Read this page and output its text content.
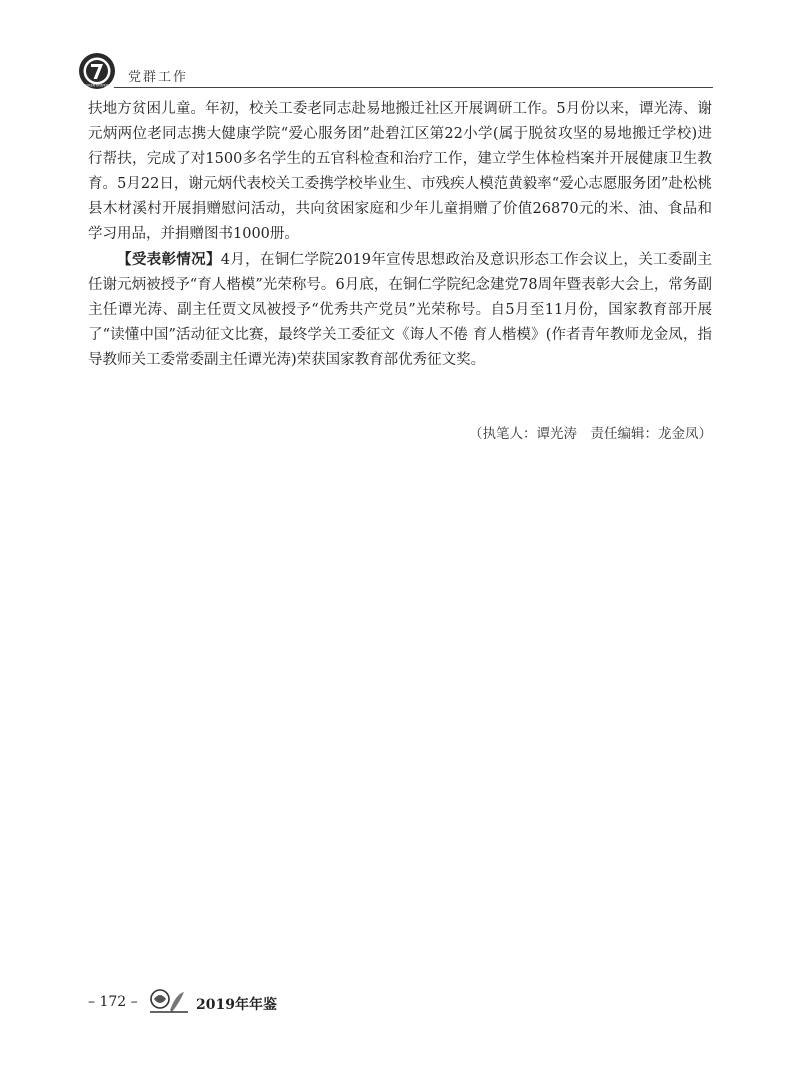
TONGREN UNIVERSITY
党群工作

扶地方贫困儿童。年初，校关工委老同志赴易地搬迁社区开展调研工作。5月份以来，谭光涛、谢元炳两位老同志携大健康学院“爱心服务团”赴碧江区第22小学(属于脱贫攻坚的易地搬迁学校)进行帮扶，完成了对1500多名学生的五官科检查和治疗工作，建立学生体检档案并开展健康卫生教育。5月22日，谢元炳代表校关工委携学校毕业生、市残疾人模范黄毅率“爱心志愿服务团”赴松桃县木材溪村开展捐赠慰问活动，共向贫困家庭和少年儿童捐赠了价值26870元的米、油、食品和学习用品，并捐赠图书1000册。

【受表彰情况】4月，在铜仁学院2019年宣传思想政治及意识形态工作会议上，关工委副主任谢元炳被授予“育人楷模”光荣称号。6月底，在铜仁学院纪念建党78周年暨表彰大会上，常务副主任谭光涛、副主任贾文凤被授予“优秀共产党员”光荣称号。自5月至11月份，国家教育部开展了“读懂中国”活动征文比赛，最终学关工委征文《诲人不倦 育人楷模》(作者青年教师龙金凤，指导教师关工委常委副主任谭光涛)荣获国家教育部优秀征文奖。

（执笔人：谭光涛　责任编辑：龙金凤）
– 172 –	2019年年鉴
